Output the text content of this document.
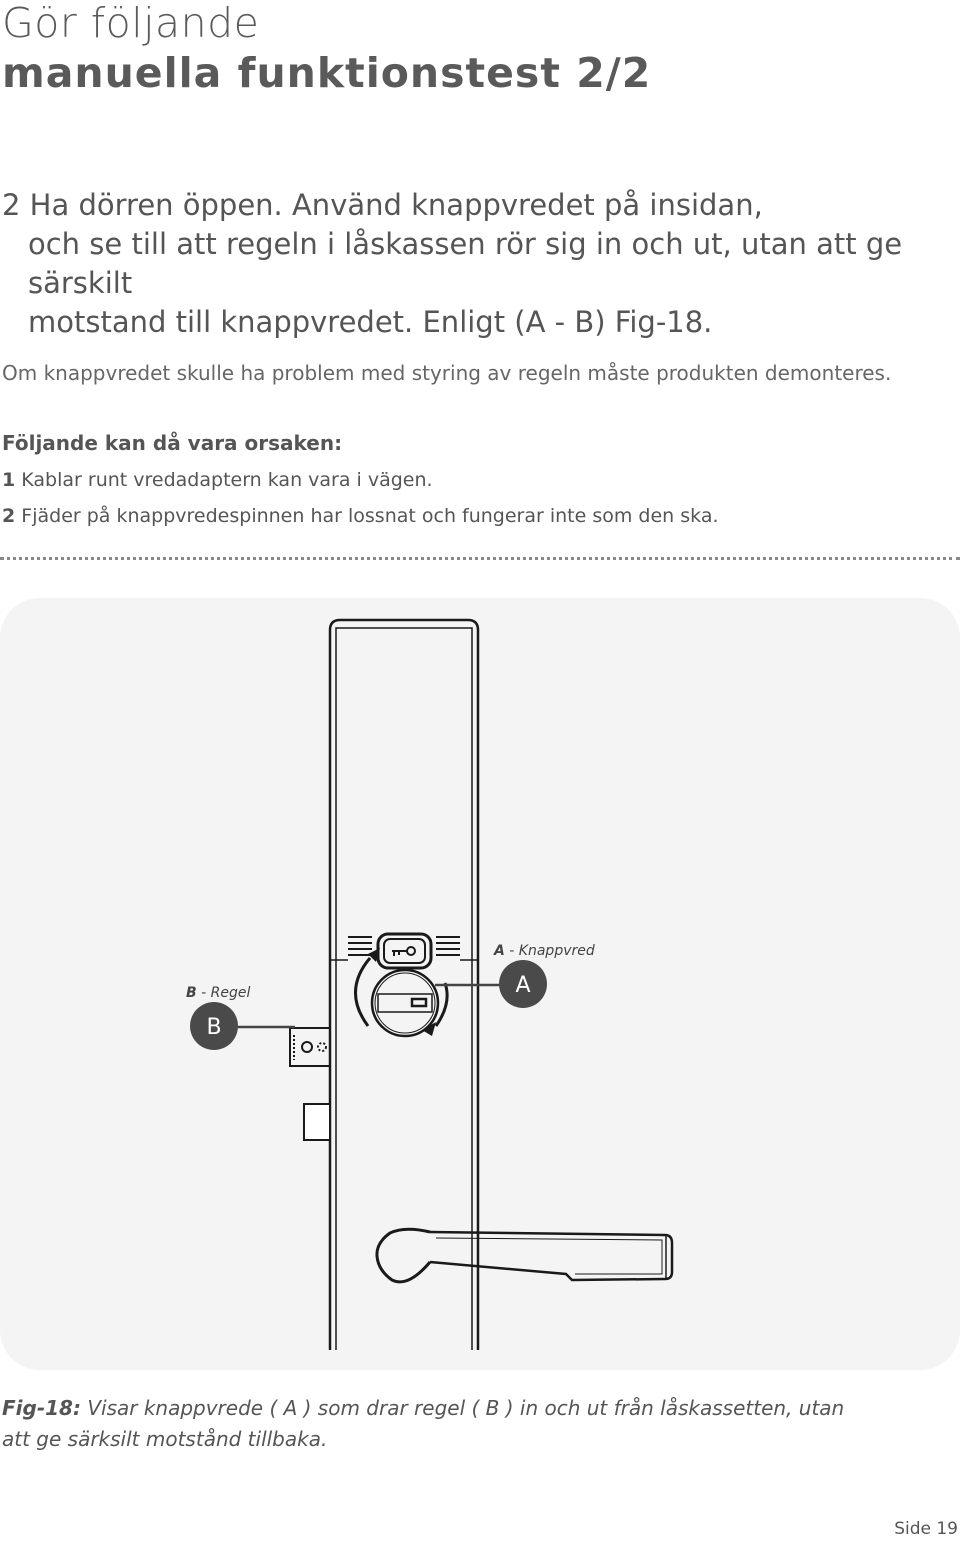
Gör följande
manuella funktionstest 2/2
2 Ha dörren öppen. Använd knappvredet på insidan,
och se till att regeln i låskassen rör sig in och ut, utan att ge särskilt
motstand till knappvredet. Enligt (A - B) Fig-18.
Om knappvredet skulle ha problem med styring av regeln måste produkten demonteres.
Följande kan då vara orsaken:
1 Kablar runt vredadaptern kan vara i vägen.
2 Fjäder på knappvredespinnen har lossnat och fungerar inte som den ska.
A
B
A - Knappvred
B - Regel
Fig-18: Visar knappvrede ( A ) som drar regel ( B ) in och ut från låskassetten, utan att ge särksilt motstånd tillbaka.
Side 19
